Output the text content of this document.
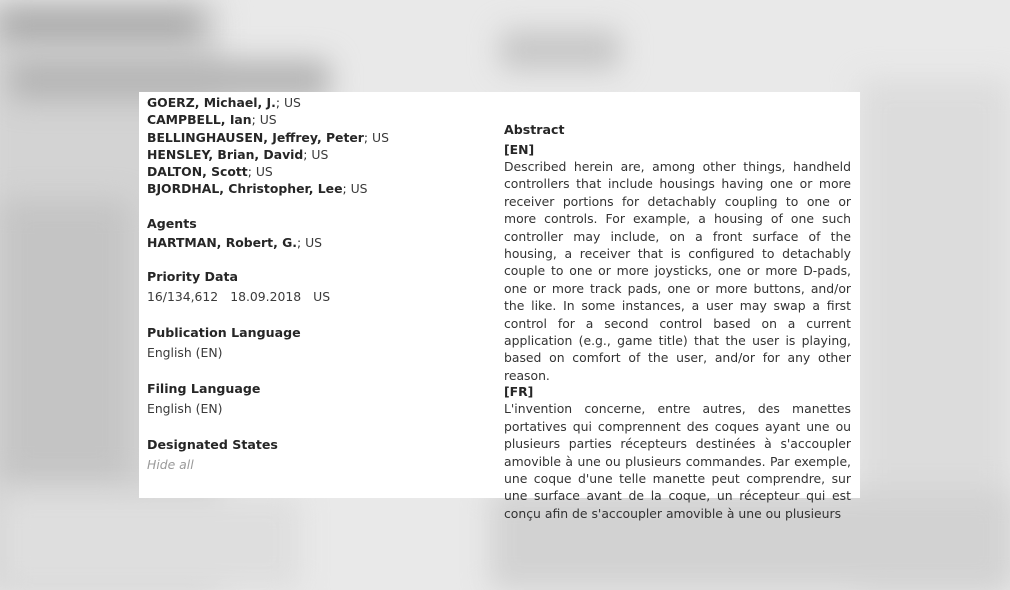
GOERZ, Michael, J.; US
CAMPBELL, Ian; US
BELLINGHAUSEN, Jeffrey, Peter; US
HENSLEY, Brian, David; US
DALTON, Scott; US
BJORDHAL, Christopher, Lee; US
Agents
HARTMAN, Robert, G.; US
Priority Data
16/134,612 18.09.2018 US
Publication Language
English (EN)
Filing Language
English (EN)
Designated States
Hide all
Abstract
[EN]
Described herein are, among other things, handheld controllers that include housings having one or more receiver portions for detachably coupling to one or more controls. For example, a housing of one such controller may include, on a front surface of the housing, a receiver that is configured to detachably couple to one or more joysticks, one or more D-pads, one or more track pads, one or more buttons, and/or the like. In some instances, a user may swap a first control for a second control based on a current application (e.g., game title) that the user is playing, based on comfort of the user, and/or for any other reason.
[FR]
L'invention concerne, entre autres, des manettes portatives qui comprennent des coques ayant une ou plusieurs parties récepteurs destinées à s'accoupler amovible à une ou plusieurs commandes. Par exemple, une coque d'une telle manette peut comprendre, sur une surface avant de la coque, un récepteur qui est conçu afin de s'accoupler amovible à une ou plusieurs
